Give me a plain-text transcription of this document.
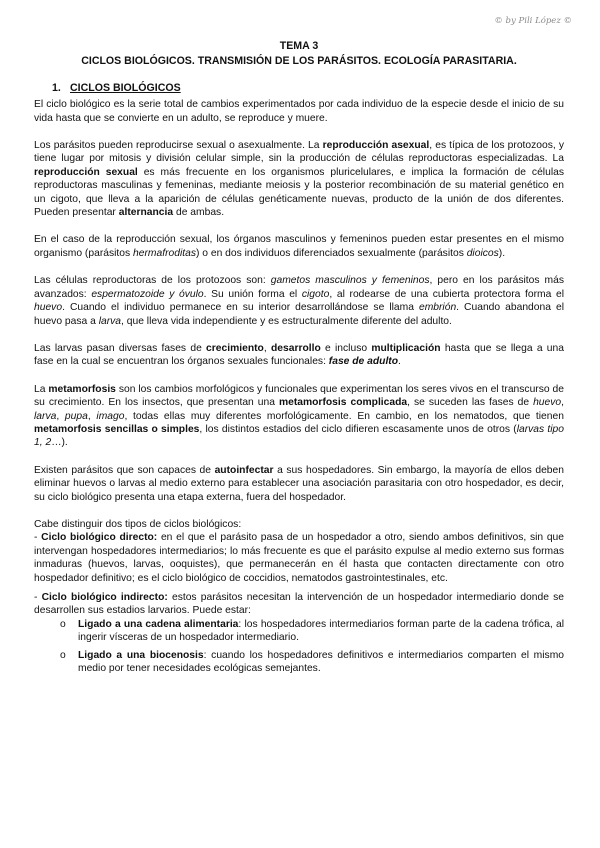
© by Pili López ©
TEMA 3
CICLOS BIOLÓGICOS. TRANSMISIÓN DE LOS PARÁSITOS. ECOLOGÍA PARASITARIA.
1. CICLOS BIOLÓGICOS

El ciclo biológico es la serie total de cambios experimentados por cada individuo de la especie desde el inicio de su vida hasta que se convierte en un adulto, se reproduce y muere.

Los parásitos pueden reproducirse sexual o asexualmente. La reproducción asexual, es típica de los protozoos, y tiene lugar por mitosis y división celular simple, sin la producción de células reproductoras especializadas. La reproducción sexual es más frecuente en los organismos pluricelulares, e implica la formación de células reproductoras masculinas y femeninas, mediante meiosis y la posterior recombinación de su material genético en un cigoto, que lleva a la aparición de células genéticamente nuevas, producto de la unión de dos diferentes. Pueden presentar alternancia de ambas.

En el caso de la reproducción sexual, los órganos masculinos y femeninos pueden estar presentes en el mismo organismo (parásitos hermafroditas) o en dos individuos diferenciados sexualmente (parásitos dioicos).

Las células reproductoras de los protozoos son: gametos masculinos y femeninos, pero en los parásitos más avanzados: espermatozoide y óvulo. Su unión forma el cigoto, al rodearse de una cubierta protectora forma el huevo. Cuando el individuo permanece en su interior desarrollándose se llama embrión. Cuando abandona el huevo pasa a larva, que lleva vida independiente y es estructuralmente diferente del adulto.

Las larvas pasan diversas fases de crecimiento, desarrollo e incluso multiplicación hasta que se llega a una fase en la cual se encuentran los órganos sexuales funcionales: fase de adulto.

La metamorfosis son los cambios morfológicos y funcionales que experimentan los seres vivos en el transcurso de su crecimiento. En los insectos, que presentan una metamorfosis complicada, se suceden las fases de huevo, larva, pupa, imago, todas ellas muy diferentes morfológicamente. En cambio, en los nematodos, que tienen metamorfosis sencillas o simples, los distintos estadios del ciclo difieren escasamente unos de otros (larvas tipo 1, 2…).

Existen parásitos que son capaces de autoinfectar a sus hospedadores. Sin embargo, la mayoría de ellos deben eliminar huevos o larvas al medio externo para establecer una asociación parasitaria con otro hospedador, es decir, su ciclo biológico presenta una etapa externa, fuera del hospedador.

Cabe distinguir dos tipos de ciclos biológicos:

- Ciclo biológico directo: en el que el parásito pasa de un hospedador a otro, siendo ambos definitivos, sin que intervengan hospedadores intermediarios; lo más frecuente es que el parásito expulse al medio externo sus formas inmaduras (huevos, larvas, ooquistes), que permanecerán en él hasta que contacten directamente con otro hospedador definitivo; es el ciclo biológico de coccidios, nematodos gastrointestinales, etc.

- Ciclo biológico indirecto: estos parásitos necesitan la intervención de un hospedador intermediario donde se desarrollen sus estadios larvarios. Puede estar:

o Ligado a una cadena alimentaria: los hospedadores intermediarios forman parte de la cadena trófica, al ingerir vísceras de un hospedador intermediario.
o Ligado a una biocenosis: cuando los hospedadores definitivos e intermediarios comparten el mismo medio por tener necesidades ecológicas semejantes.
